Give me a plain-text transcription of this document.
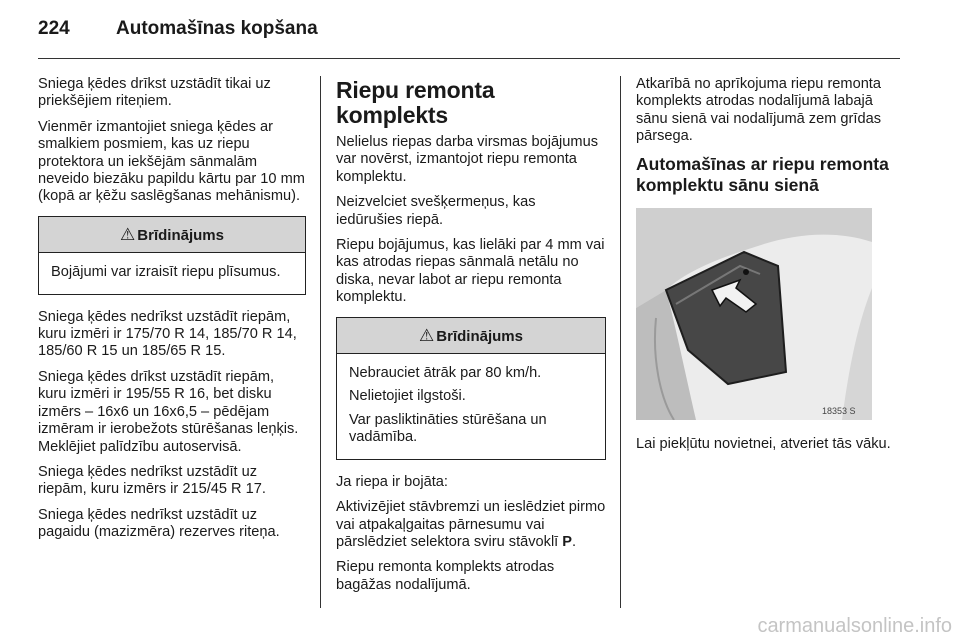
224 Automašīnas kopšana

Sniega ķēdes drīkst uzstādīt tikai uz priekšējiem riteņiem.

Vienmēr izmantojiet sniega ķēdes ar smalkiem posmiem, kas uz riepu protektora un iekšējām sānmalām neveido biezāku papildu kārtu par 10 mm (kopā ar ķēžu saslēgšanas mehānismu).

⚠ Brīdinājums

Bojājumi var izraisīt riepu plīsumus.

Sniega ķēdes nedrīkst uzstādīt riepām, kuru izmēri ir 175/70 R 14, 185/70 R 14, 185/60 R 15 un 185/65 R 15.

Sniega ķēdes drīkst uzstādīt riepām, kuru izmēri ir 195/55 R 16, bet disku izmērs – 16x6 un 16x6,5 – pēdējam izmēram ir ierobežots stūrēšanas leņķis. Meklējiet palīdzību autoservisā.

Sniega ķēdes nedrīkst uzstādīt uz riepām, kuru izmērs ir 215/45 R 17.

Sniega ķēdes nedrīkst uzstādīt uz pagaidu (mazizmēra) rezerves riteņa.

Riepu remonta komplekts

Nelielus riepas darba virsmas bojājumus var novērst, izmantojot riepu remonta komplektu.

Neizvelciet svešķermeņus, kas iedūrušies riepā.

Riepu bojājumus, kas lielāki par 4 mm vai kas atrodas riepas sānmalā netālu no diska, nevar labot ar riepu remonta komplektu.

⚠ Brīdinājums

Nebrauciet ātrāk par 80 km/h.

Nelietojiet ilgstoši.

Var pasliktināties stūrēšana un vadāmība.

Ja riepa ir bojāta:

Aktivizējiet stāvbremzi un ieslēdziet pirmo vai atpakaļgaitas pārnesumu vai pārslēdziet selektora sviru stāvoklī P.

Riepu remonta komplekts atrodas bagāžas nodalījumā.

Atkarībā no aprīkojuma riepu remonta komplekts atrodas nodalījumā labajā sānu sienā vai nodalījumā zem grīdas pārsega.

Automašīnas ar riepu remonta komplektu sānu sienā
18353 S

Lai piekļūtu novietnei, atveriet tās vāku.

carmanualsonline.info
